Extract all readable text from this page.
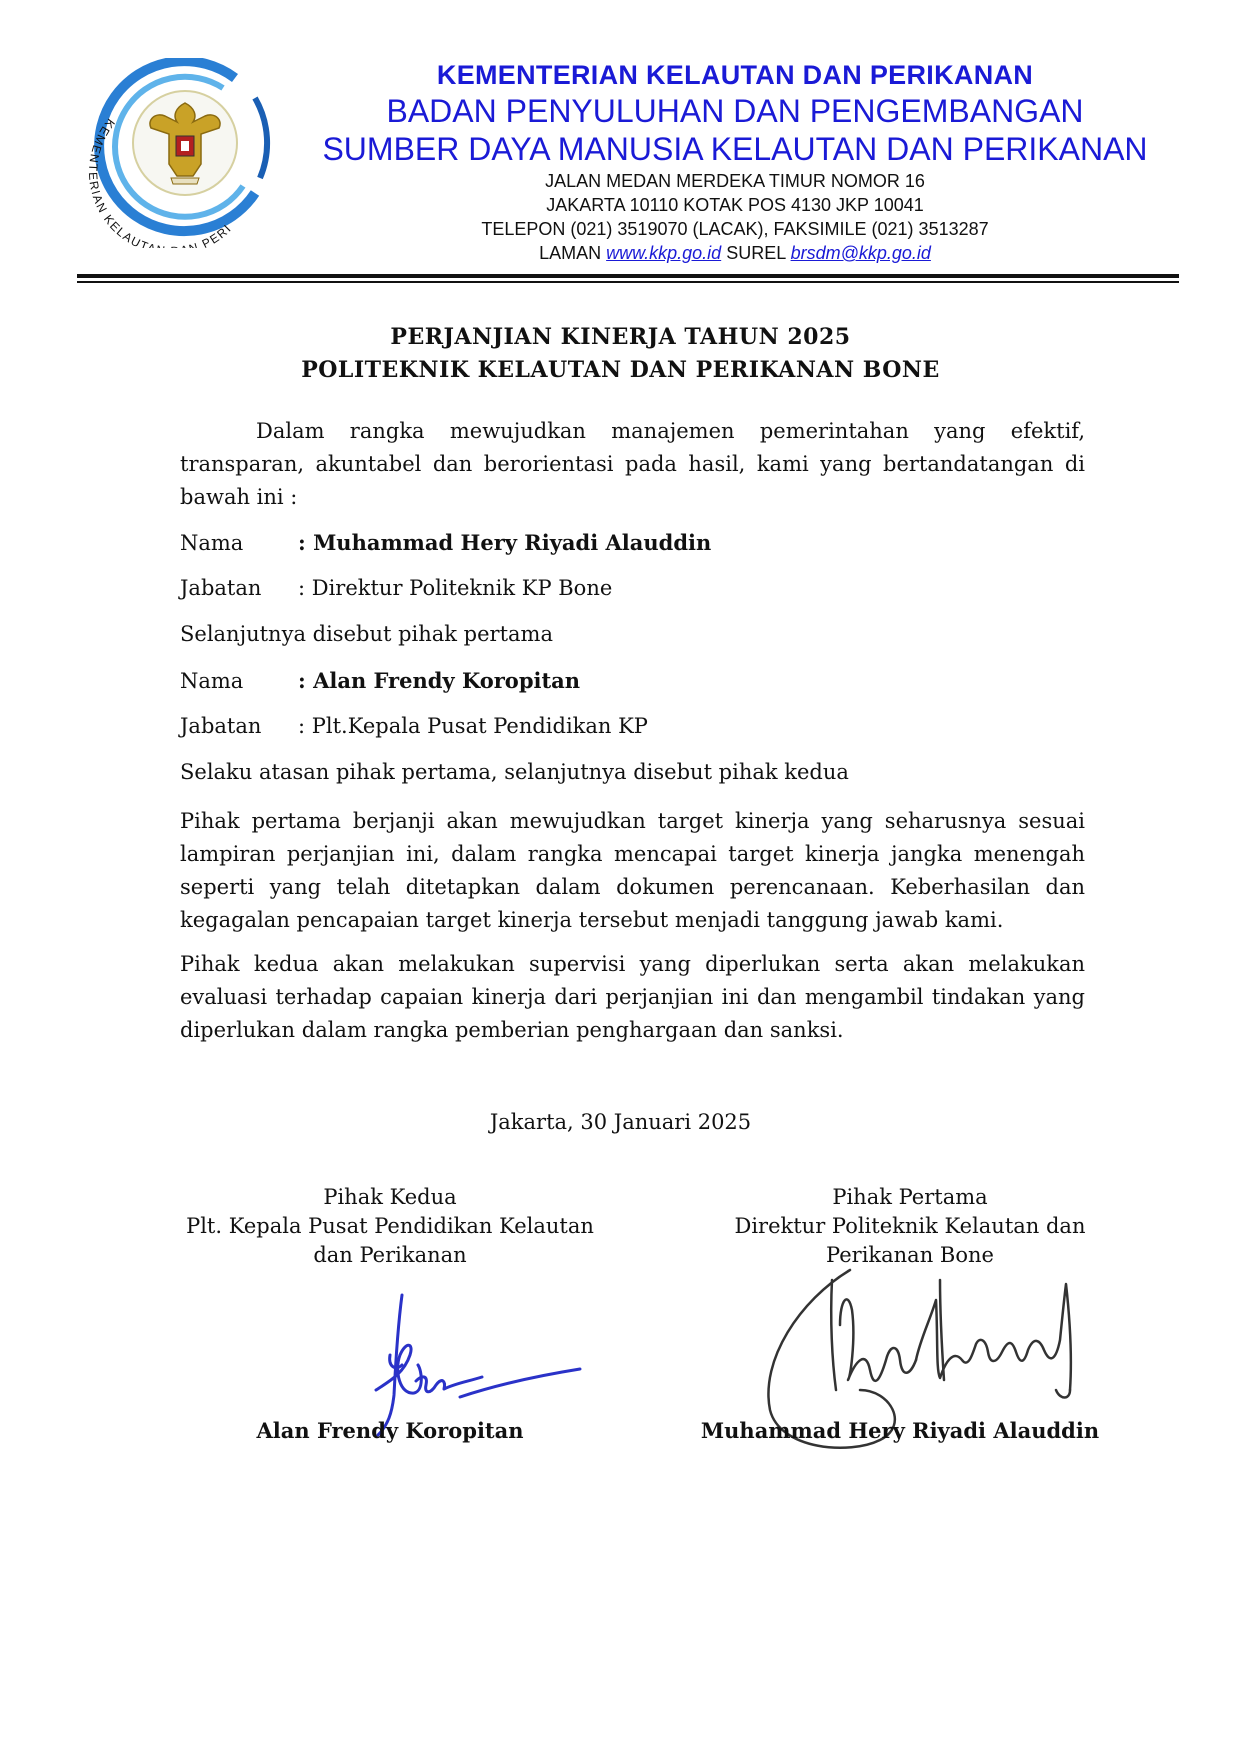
KEMENTERIAN KELAUT N PERI
KEMENTERIAN KELAUTAN DAN PERIKANAN
BADAN PENYULUHAN DAN PENGEMBANGAN
SUMBER DAYA MANUSIA KELAUTAN DAN PERIKANAN
JALAN MEDAN MERDEKA TIMUR NOMOR 16
JAKARTA 10110 KOTAK POS 4130 JKP 10041
TELEPON (021) 3519070 (LACAK), FAKSIMILE (021) 3513287
LAMAN www.kkp.go.id SUREL brsdm@kkp.go.id
PERJANJIAN KINERJA TAHUN 2025
POLITEKNIK KELAUTAN DAN PERIKANAN BONE
Dalam rangka mewujudkan manajemen pemerintahan yang efektif, transparan, akuntabel dan berorientasi pada hasil, kami yang bertandatangan di bawah ini :
Nama	: Muhammad Hery Riyadi Alauddin
Jabatan : Direktur Politeknik KP Bone
Selanjutnya disebut pihak pertama
Nama	: Alan Frendy Koropitan
Jabatan : Plt.Kepala Pusat Pendidikan KP
Selaku atasan pihak pertama, selanjutnya disebut pihak kedua
Pihak pertama berjanji akan mewujudkan target kinerja yang seharusnya sesuai lampiran perjanjian ini, dalam rangka mencapai target kinerja jangka menengah seperti yang telah ditetapkan dalam dokumen perencanaan. Keberhasilan dan kegagalan pencapaian target kinerja tersebut menjadi tanggung jawab kami.
Pihak kedua akan melakukan supervisi yang diperlukan serta akan melakukan evaluasi terhadap capaian kinerja dari perjanjian ini dan mengambil tindakan yang diperlukan dalam rangka pemberian penghargaan dan sanksi.
Jakarta, 30 Januari 2025
Pihak Kedua
Plt. Kepala Pusat Pendidikan Kelautan
dan Perikanan
Pihak Pertama
Direktur Politeknik Kelautan dan
Perikanan Bone
Alan Frendy Koropitan	Muhammad Hery Riyadi Alauddin
